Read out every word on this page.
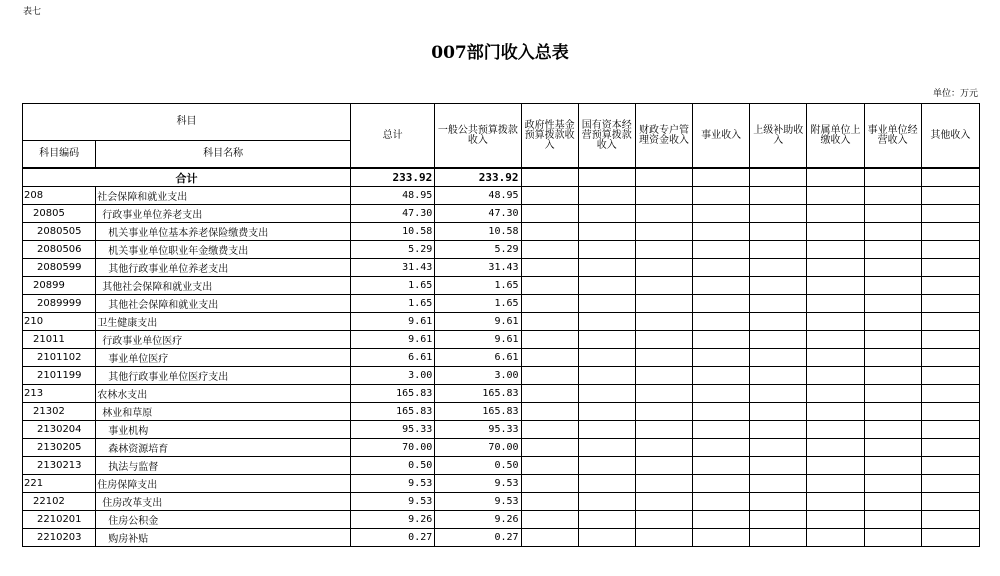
表七
007部门收入总表
单位：万元
科目		总计	一般公共预算拨款收入	政府性基金预算拨款收入	国有资本经营预算拨款收入	财政专户管理资金收入	事业收入	上级补助收入	附属单位上缴收入	事业单位经营收入	其他收入
科目编码	科目名称										
合计		233.92	233.92								
208	社会保障和就业支出	48.95	48.95								
20805	行政事业单位养老支出	47.30	47.30								
2080505	机关事业单位基本养老保险缴费支出	10.58	10.58								
2080506	机关事业单位职业年金缴费支出	5.29	5.29								
2080599	其他行政事业单位养老支出	31.43	31.43								
20899	其他社会保障和就业支出	1.65	1.65								
2089999	其他社会保障和就业支出	1.65	1.65								
210	卫生健康支出	9.61	9.61								
21011	行政事业单位医疗	9.61	9.61								
2101102	事业单位医疗	6.61	6.61								
2101199	其他行政事业单位医疗支出	3.00	3.00								
213	农林水支出	165.83	165.83								
21302	林业和草原	165.83	165.83								
2130204	事业机构	95.33	95.33								
2130205	森林资源培育	70.00	70.00								
2130213	执法与监督	0.50	0.50								
221	住房保障支出	9.53	9.53								
22102	住房改革支出	9.53	9.53								
2210201	住房公积金	9.26	9.26								
2210203	购房补贴	0.27	0.27								
